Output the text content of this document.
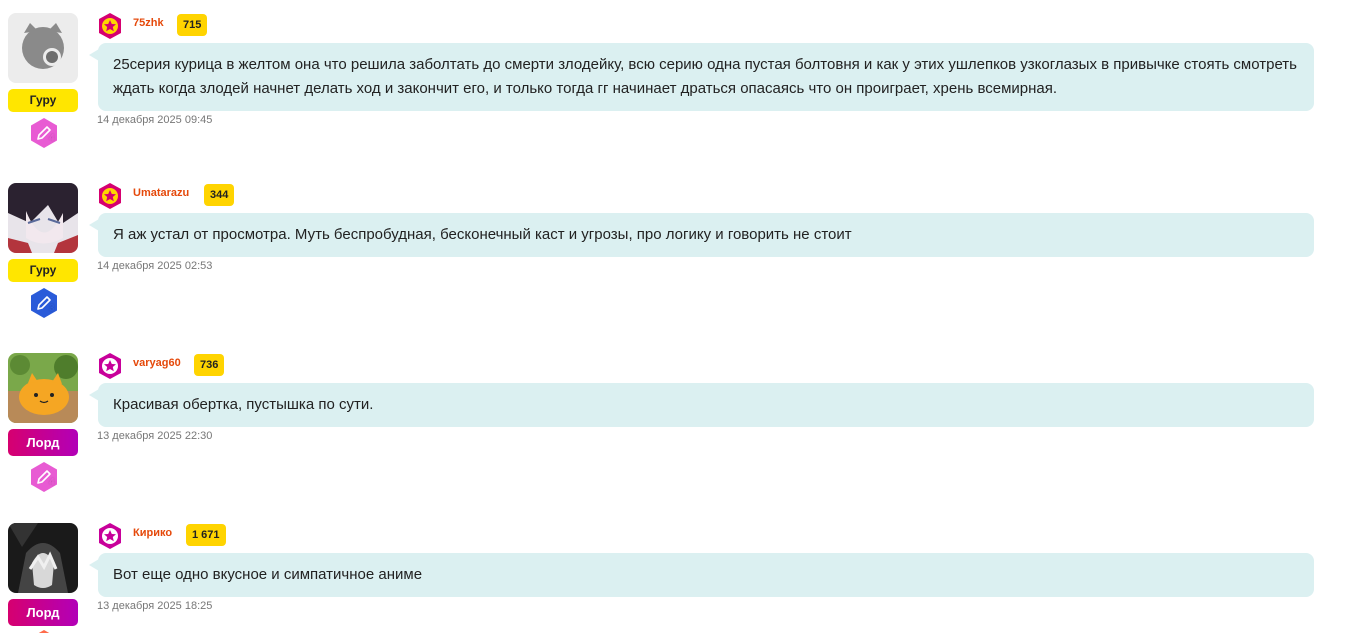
Гуру
4
75zhk	715
25серия курица в желтом она что решила заболтать до смерти злодейку, всю серию одна пустая болтовня и как у этих ушлепков узкоглазых в привычке стоять смотреть ждать когда злодей начнет делать ход и закончит его, и только тогда гг начинает драться опасаясь что он проиграет, хрень всемирная.
14 декабря 2025 09:45
Гуру
3
Umatarazu	344
Я аж устал от просмотра. Муть беспробудная, бесконечный каст и угрозы, про логику и говорить не стоит
14 декабря 2025 02:53
Лорд
4
varyag60	736
Красивая обертка, пустышка по сути.
13 декабря 2025 22:30
Лорд
Кирико	1 671
Вот еще одно вкусное и симпатичное аниме
13 декабря 2025 18:25
